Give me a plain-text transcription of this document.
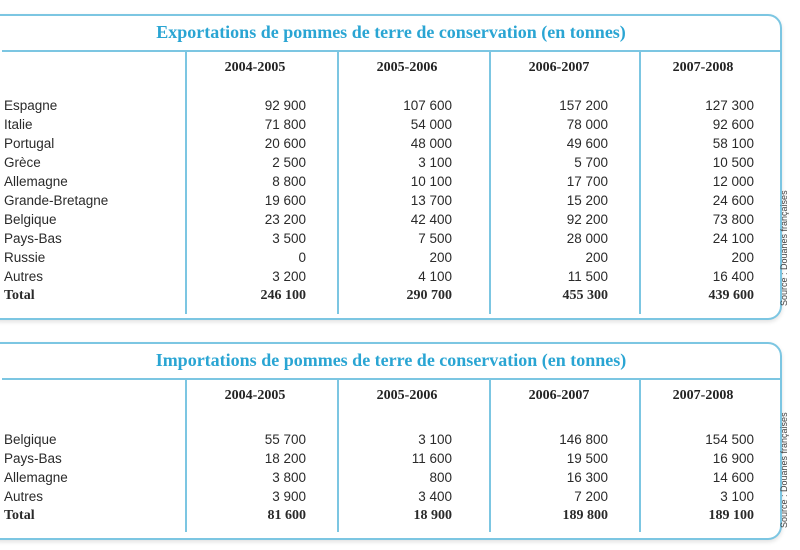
Exportations de pommes de terre de conservation (en tonnes)
2004-2005	2005-2006	2006-2007	2007-2008
Espagne	92 900	107 600	157 200	127 300
Italie	71 800	54 000	78 000	92 600
Portugal	20 600	48 000	49 600	58 100
Grèce	2 500	3 100	5 700	10 500
Allemagne	8 800	10 100	17 700	12 000
Grande-Bretagne	19 600	13 700	15 200	24 600
Belgique	23 200	42 400	92 200	73 800
Pays-Bas	3 500	7 500	28 000	24 100
Russie	0	200	200	200
Autres	3 200	4 100	11 500	16 400
Total	246 100	290 700	455 300	439 600	Source : Douanes françaises
Importations de pommes de terre de conservation (en tonnes)
2004-2005	2005-2006	2006-2007	2007-2008
Belgique	55 700	3 100	146 800	154 500
Pays-Bas	18 200	11 600	19 500	16 900
Allemagne	3 800	800	16 300	14 600
Autres	3 900	3 400	7 200	3 100
Total	81 600	18 900	189 800	189 100	Source : Douanes françaises
